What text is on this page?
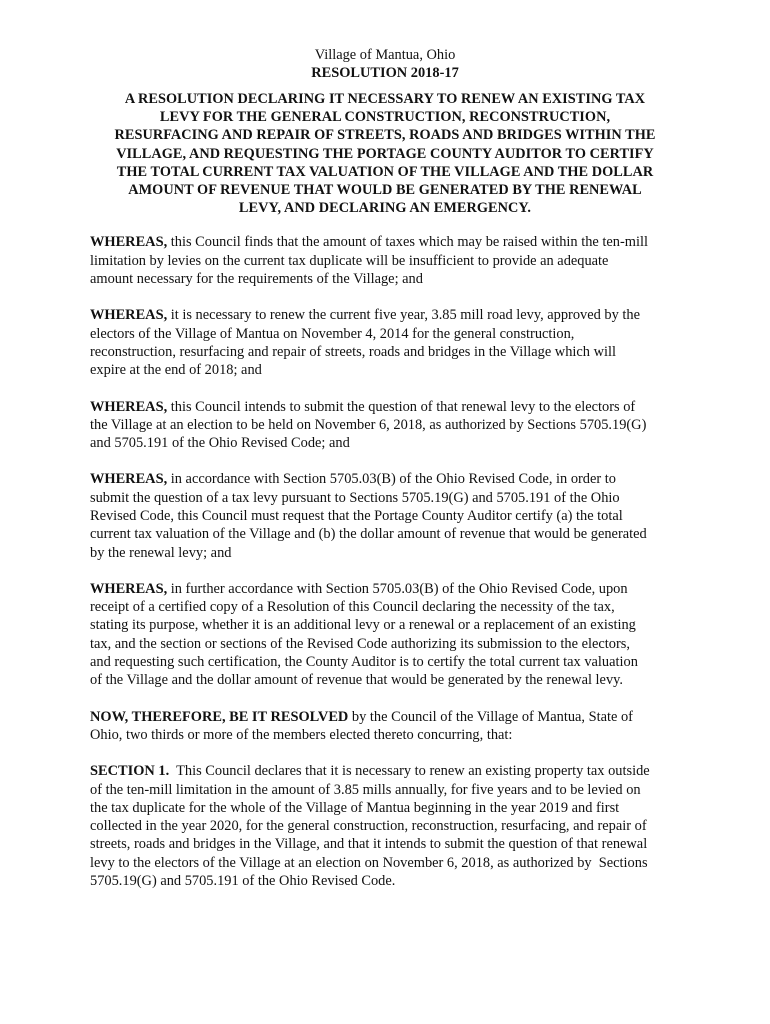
Village of Mantua, Ohio

RESOLUTION 2018-17

A RESOLUTION DECLARING IT NECESSARY TO RENEW AN EXISTING TAX
LEVY FOR THE GENERAL CONSTRUCTION, RECONSTRUCTION,
RESURFACING AND REPAIR OF STREETS, ROADS AND BRIDGES WITHIN THE
VILLAGE, AND REQUESTING THE PORTAGE COUNTY AUDITOR TO CERTIFY
THE TOTAL CURRENT TAX VALUATION OF THE VILLAGE AND THE DOLLAR
AMOUNT OF REVENUE THAT WOULD BE GENERATED BY THE RENEWAL
LEVY, AND DECLARING AN EMERGENCY.
WHEREAS, this Council finds that the amount of taxes which may be raised within the ten-mill
limitation by levies on the current tax duplicate will be insufficient to provide an adequate
amount necessary for the requirements of the Village; and
WHEREAS, it is necessary to renew the current five year, 3.85 mill road levy, approved by the
electors of the Village of Mantua on November 4, 2014 for the general construction,
reconstruction, resurfacing and repair of streets, roads and bridges in the Village which will
expire at the end of 2018; and
WHEREAS, this Council intends to submit the question of that renewal levy to the electors of
the Village at an election to be held on November 6, 2018, as authorized by Sections 5705.19(G)
and 5705.191 of the Ohio Revised Code; and
WHEREAS, in accordance with Section 5705.03(B) of the Ohio Revised Code, in order to
submit the question of a tax levy pursuant to Sections 5705.19(G) and 5705.191 of the Ohio
Revised Code, this Council must request that the Portage County Auditor certify (a) the total
current tax valuation of the Village and (b) the dollar amount of revenue that would be generated
by the renewal levy; and
WHEREAS, in further accordance with Section 5705.03(B) of the Ohio Revised Code, upon
receipt of a certified copy of a Resolution of this Council declaring the necessity of the tax,
stating its purpose, whether it is an additional levy or a renewal or a replacement of an existing
tax, and the section or sections of the Revised Code authorizing its submission to the electors,
and requesting such certification, the County Auditor is to certify the total current tax valuation
of the Village and the dollar amount of revenue that would be generated by the renewal levy.
NOW, THEREFORE, BE IT RESOLVED by the Council of the Village of Mantua, State of
Ohio, two thirds or more of the members elected thereto concurring, that:
SECTION 1.  This Council declares that it is necessary to renew an existing property tax outside
of the ten-mill limitation in the amount of 3.85 mills annually, for five years and to be levied on
the tax duplicate for the whole of the Village of Mantua beginning in the year 2019 and first
collected in the year 2020, for the general construction, reconstruction, resurfacing, and repair of
streets, roads and bridges in the Village, and that it intends to submit the question of that renewal
levy to the electors of the Village at an election on November 6, 2018, as authorized by  Sections
5705.19(G) and 5705.191 of the Ohio Revised Code.
